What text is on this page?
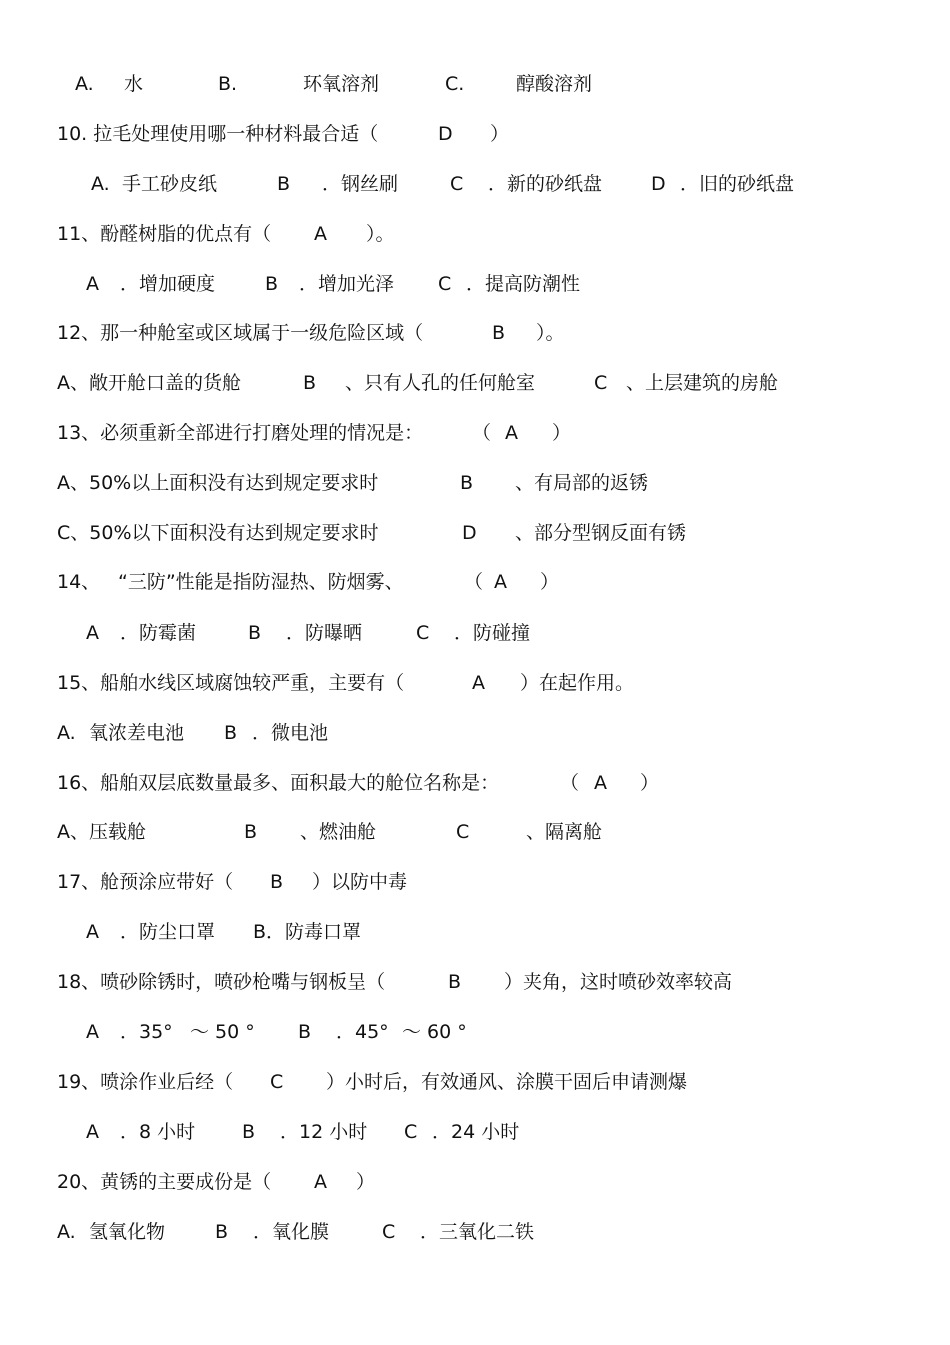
A. 水	B.	环氧溶剂	C.	醇酸溶剂
10. 拉毛处理使用哪一种材料最合适（	D ）
A. 手工砂皮纸	B ．钢丝刷	C ．新的砂纸盘	D ．旧的砂纸盘
11、酚醛树脂的优点有（ A ）。
A ．增加硬度	B ．增加光泽 C ．提高防潮性
12、那一种舱室或区域属于一级危险区域（	B ）。
A、敞开舱口盖的货舱	B 、只有人孔的任何舱室	C 、上层建筑的房舱
13、必须重新全部进行打磨处理的情况是：	（ A ）
A、50%以上面积没有达到规定要求时	B 、有局部的返锈
C、50%以下面积没有达到规定要求时	D 、部分型钢反面有锈
14、 “三防”性能是指防湿热、防烟雾、	（ A ）
A ．防霉菌	B ．防曝晒	C ．防碰撞
15、船舶水线区域腐蚀较严重，主要有（	A ）在起作用。
A. 氧浓差电池 B ．微电池
16、船舶双层底数量最多、面积最大的舱位名称是：	（ A ）
A、压载舱	B 、燃油舱	C	、隔离舱
17、舱预涂应带好（ B ）以防中毒
A ．防尘口罩 B．防毒口罩
18、喷砂除锈时，喷砂枪嘴与钢板呈（	B ）夹角，这时喷砂效率较高
A ．35° ～ 50 ° B ．45° ～ 60 °
19、喷涂作业后经（ C ）小时后，有效通风、涂膜干固后申请测爆
A ．8 小时 B ．12 小时 C ．24 小时
20、黄锈的主要成份是（ A ）
A. 氢氧化物	B ．氧化膜	C ．三氧化二铁
